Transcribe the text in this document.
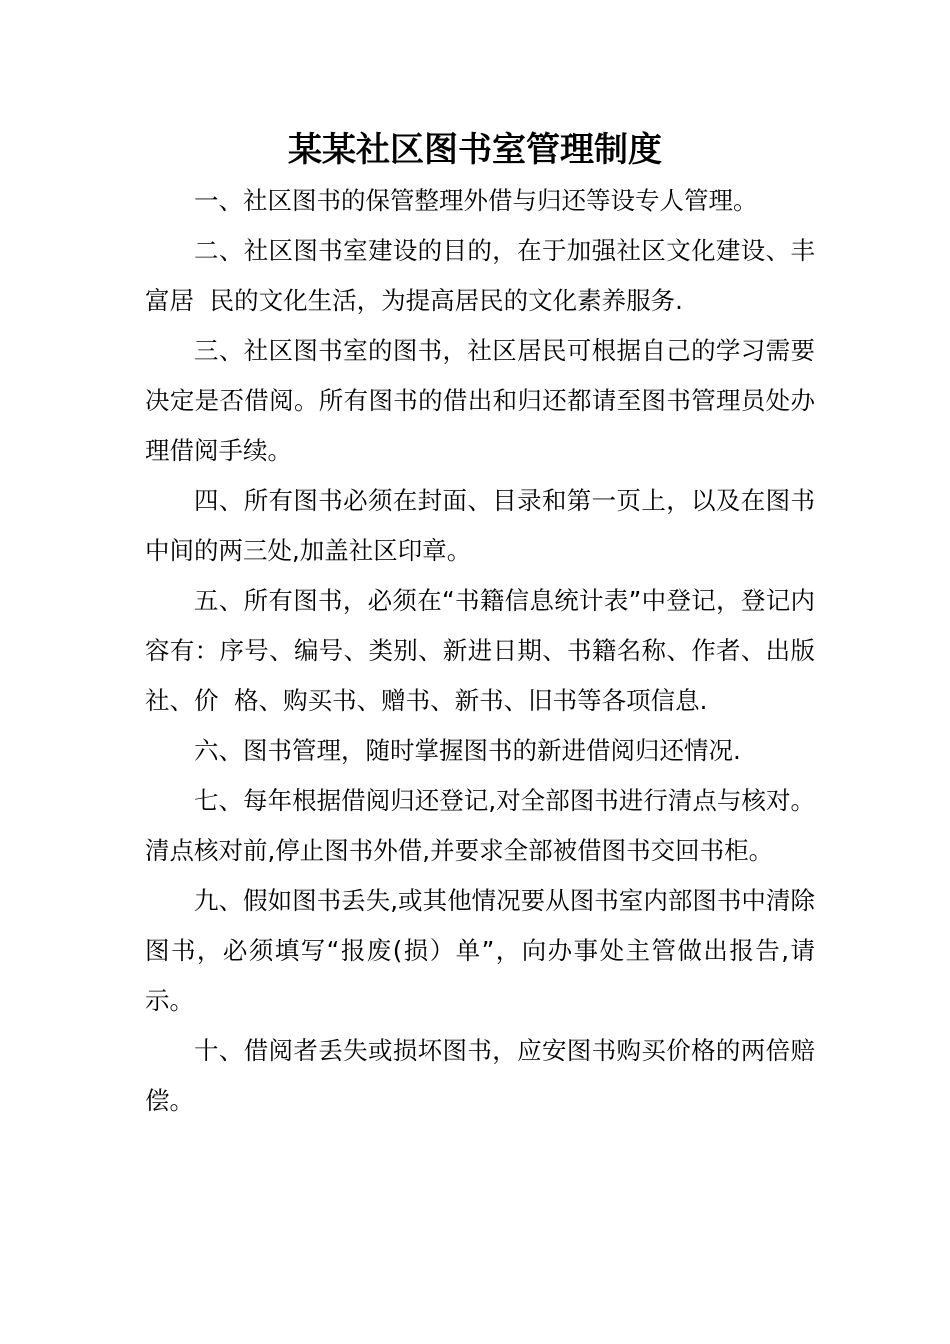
某某社区图书室管理制度

一、社区图书的保管整理外借与归还等设专人管理。

二、社区图书室建设的目的，在于加强社区文化建设、丰富居  民的文化生活，为提高居民的文化素养服务.

三、社区图书室的图书，社区居民可根据自己的学习需要决定是否借阅。所有图书的借出和归还都请至图书管理员处办理借阅手续。

四、所有图书必须在封面、目录和第一页上，以及在图书中间的两三处,加盖社区印章。

五、所有图书，必须在“书籍信息统计表”中登记，登记内容有：序号、编号、类别、新进日期、书籍名称、作者、出版社、价  格、购买书、赠书、新书、旧书等各项信息.

六、图书管理，随时掌握图书的新进借阅归还情况.

七、每年根据借阅归还登记,对全部图书进行清点与核对。清点核对前,停止图书外借,并要求全部被借图书交回书柜。

九、假如图书丢失,或其他情况要从图书室内部图书中清除图书，必须填写“报废(损）单”，向办事处主管做出报告,请示。

十、借阅者丢失或损坏图书，应安图书购买价格的两倍赔偿。
